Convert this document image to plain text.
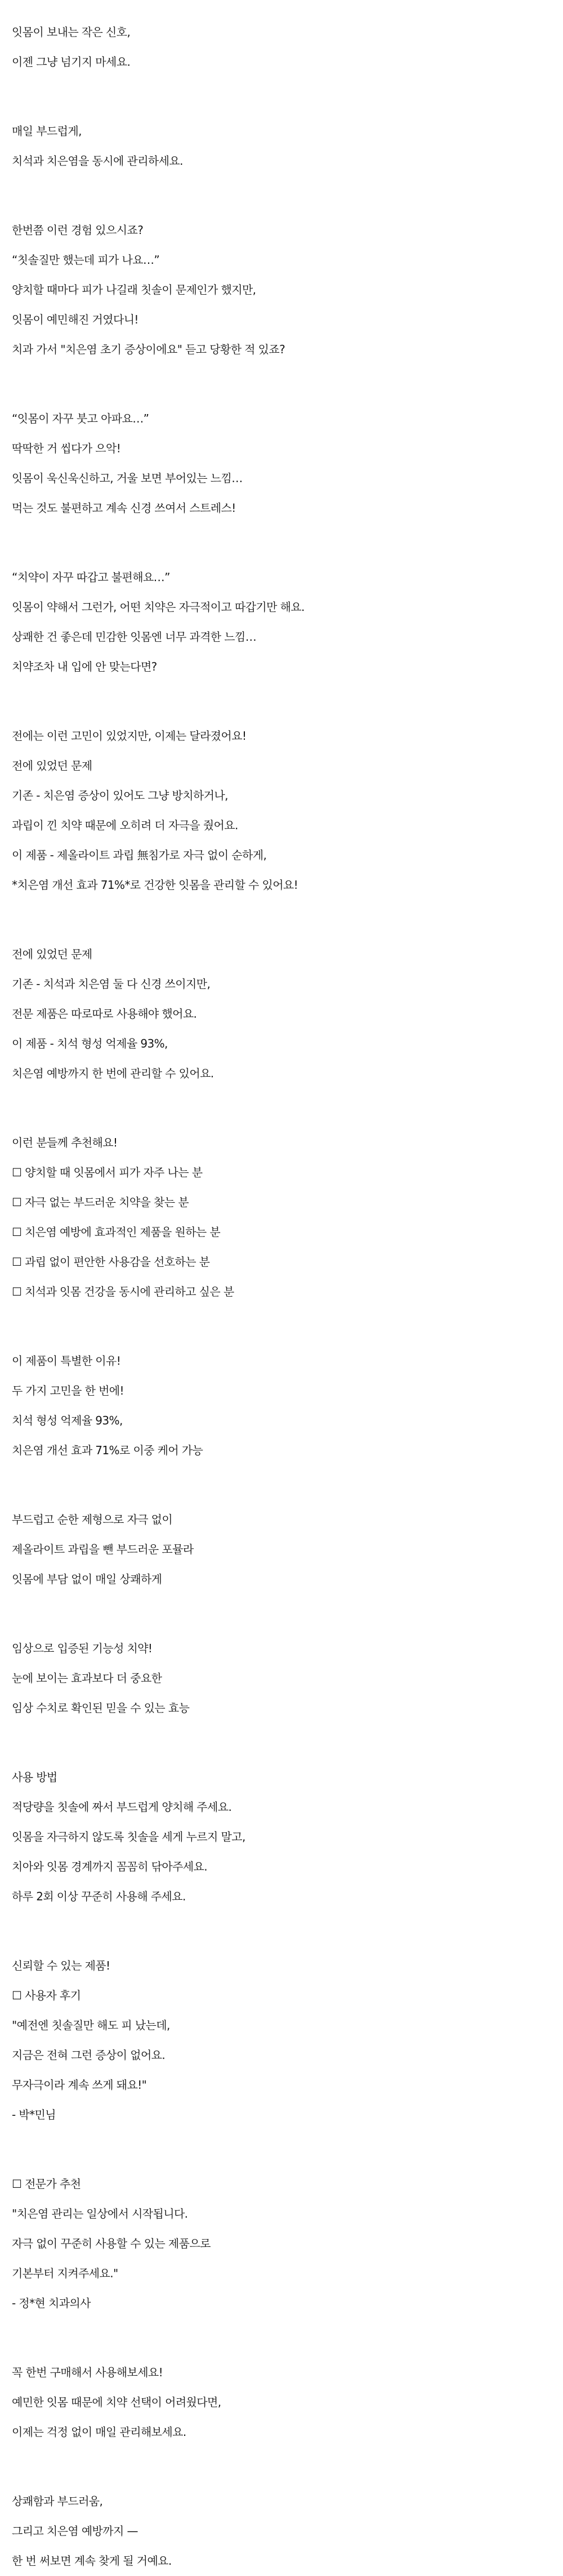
잇몸이 보내는 작은 신호,
이젠 그냥 넘기지 마세요.
매일 부드럽게,
치석과 치은염을 동시에 관리하세요.
한번쯤 이런 경험 있으시죠?
“칫솔질만 했는데 피가 나요…”
양치할 때마다 피가 나길래 칫솔이 문제인가 했지만,
잇몸이 예민해진 거였다니!
치과 가서 "치은염 초기 증상이에요" 듣고 당황한 적 있죠?
“잇몸이 자꾸 붓고 아파요…”
딱딱한 거 씹다가 으악!
잇몸이 욱신욱신하고, 거울 보면 부어있는 느낌…
먹는 것도 불편하고 계속 신경 쓰여서 스트레스!
“치약이 자꾸 따갑고 불편해요…”
잇몸이 약해서 그런가, 어떤 치약은 자극적이고 따갑기만 해요.
상쾌한 건 좋은데 민감한 잇몸엔 너무 과격한 느낌…
치약조차 내 입에 안 맞는다면?
전에는 이런 고민이 있었지만, 이제는 달라졌어요!
전에 있었던 문제
기존 - 치은염 증상이 있어도 그냥 방치하거나,
과립이 낀 치약 때문에 오히려 더 자극을 줬어요.
이 제품 - 제올라이트 과립 無침가로 자극 없이 순하게,
*치은염 개선 효과 71%*로 건강한 잇몸을 관리할 수 있어요!
전에 있었던 문제
기존 - 치석과 치은염 둘 다 신경 쓰이지만,
전문 제품은 따로따로 사용해야 했어요.
이 제품 - 치석 형성 억제율 93%,
치은염 예방까지 한 번에 관리할 수 있어요.
이런 분들께 추천해요!
☐ 양치할 때 잇몸에서 피가 자주 나는 분
☐ 자극 없는 부드러운 치약을 찾는 분
☐ 치은염 예방에 효과적인 제품을 원하는 분
☐ 과립 없이 편안한 사용감을 선호하는 분
☐ 치석과 잇몸 건강을 동시에 관리하고 싶은 분
이 제품이 특별한 이유!
두 가지 고민을 한 번에!
치석 형성 억제율 93%,
치은염 개선 효과 71%로 이중 케어 가능
부드럽고 순한 제형으로 자극 없이
제올라이트 과립을 뺀 부드러운 포뮬라
잇몸에 부담 없이 매일 상쾌하게
임상으로 입증된 기능성 치약!
눈에 보이는 효과보다 더 중요한
임상 수치로 확인된 믿을 수 있는 효능
사용 방법
적당량을 칫솔에 짜서 부드럽게 양치해 주세요.
잇몸을 자극하지 않도록 칫솔을 세게 누르지 말고,
치아와 잇몸 경계까지 꼼꼼히 닦아주세요.
하루 2회 이상 꾸준히 사용해 주세요.
신뢰할 수 있는 제품!
☐ 사용자 후기
"예전엔 칫솔질만 해도 피 났는데,
지금은 전혀 그런 증상이 없어요.
무자극이라 계속 쓰게 돼요!"
- 박*민님
☐ 전문가 추천
"치은염 관리는 일상에서 시작됩니다.
자극 없이 꾸준히 사용할 수 있는 제품으로
기본부터 지켜주세요."
- 정*현 치과의사
꼭 한번 구매해서 사용해보세요!
예민한 잇몸 때문에 치약 선택이 어려웠다면,
이제는 걱정 없이 매일 관리해보세요.
상쾌함과 부드러움,
그리고 치은염 예방까지 —
한 번 써보면 계속 찾게 될 거예요.
